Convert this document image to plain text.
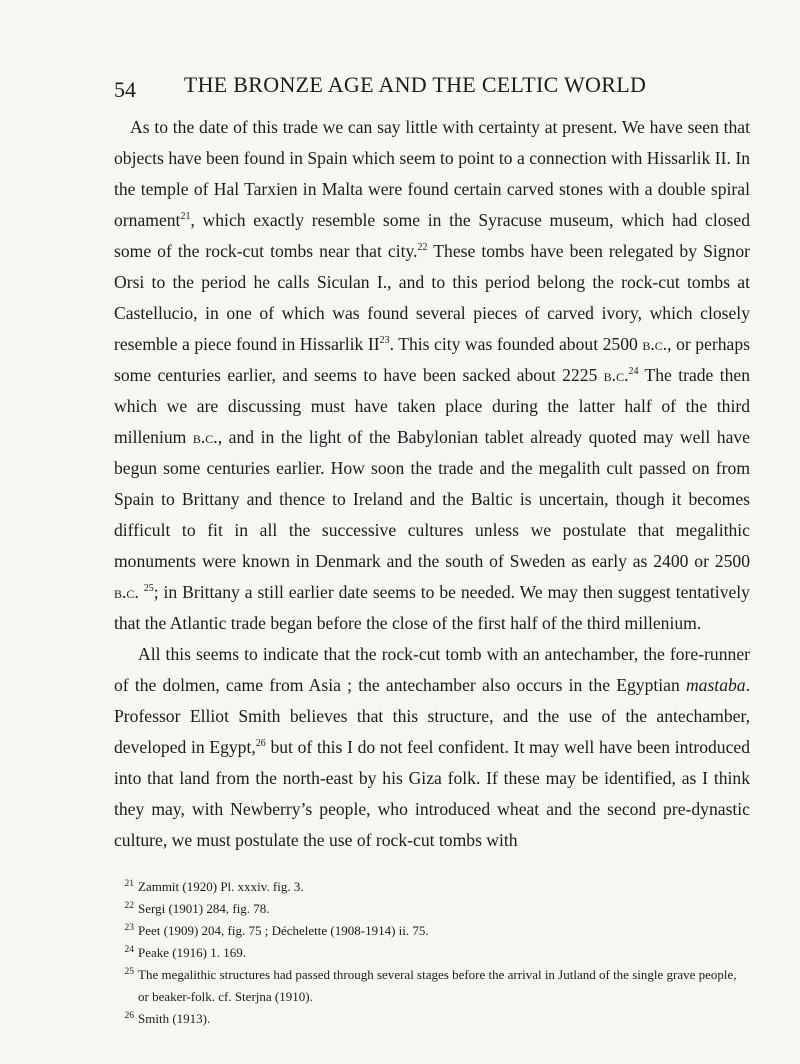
54	THE BRONZE AGE AND THE CELTIC WORLD

As to the date of this trade we can say little with certainty at present. We have seen that objects have been found in Spain which seem to point to a connection with Hissarlik II. In the temple of Hal Tarxien in Malta were found certain carved stones with a double spiral ornament$^{21}$, which exactly resemble some in the Syracuse museum, which had closed some of the rock-cut tombs near that city.$^{22}$ These tombs have been relegated by Signor Orsi to the period he calls Siculan I., and to this period belong the rock-cut tombs at Castellucio, in one of which was found several pieces of carved ivory, which closely resemble a piece found in Hissarlik II$^{23}$. This city was founded about 2500 b.c., or perhaps some centuries earlier, and seems to have been sacked about 2225 b.c.$^{24}$ The trade then which we are discussing must have taken place during the latter half of the third millenium b.c., and in the light of the Babylonian tablet already quoted may well have begun some centuries earlier. How soon the trade and the megalith cult passed on from Spain to Brittany and thence to Ireland and the Baltic is uncertain, though it becomes difficult to fit in all the successive cultures unless we postulate that megalithic monuments were known in Denmark and the south of Sweden as early as 2400 or 2500 b.c. $^{25}$; in Brittany a still earlier date seems to be needed. We may then suggest tentatively that the Atlantic trade began before the close of the first half of the third millenium.

All this seems to indicate that the rock-cut tomb with an antechamber, the fore-runner of the dolmen, came from Asia ; the antechamber also occurs in the Egyptian mastaba. Professor Elliot Smith believes that this structure, and the use of the antechamber, developed in Egypt,$^{26}$ but of this I do not feel confident. It may well have been introduced into that land from the north-east by his Giza folk. If these may be identified, as I think they may, with Newberry’s people, who introduced wheat and the second pre-dynastic culture, we must postulate the use of rock-cut tombs with

21 Zammit (1920) Pl. xxxiv. fig. 3.
22 Sergi (1901) 284, fig. 78.
23 Peet (1909) 204, fig. 75 ; Déchelette (1908-1914) ii. 75.
24 Peake (1916) 1. 169.
25 The megalithic structures had passed through several stages before the arrival in Jutland of the single grave people, or beaker-folk. cf. Sterjna (1910).
26 Smith (1913).
